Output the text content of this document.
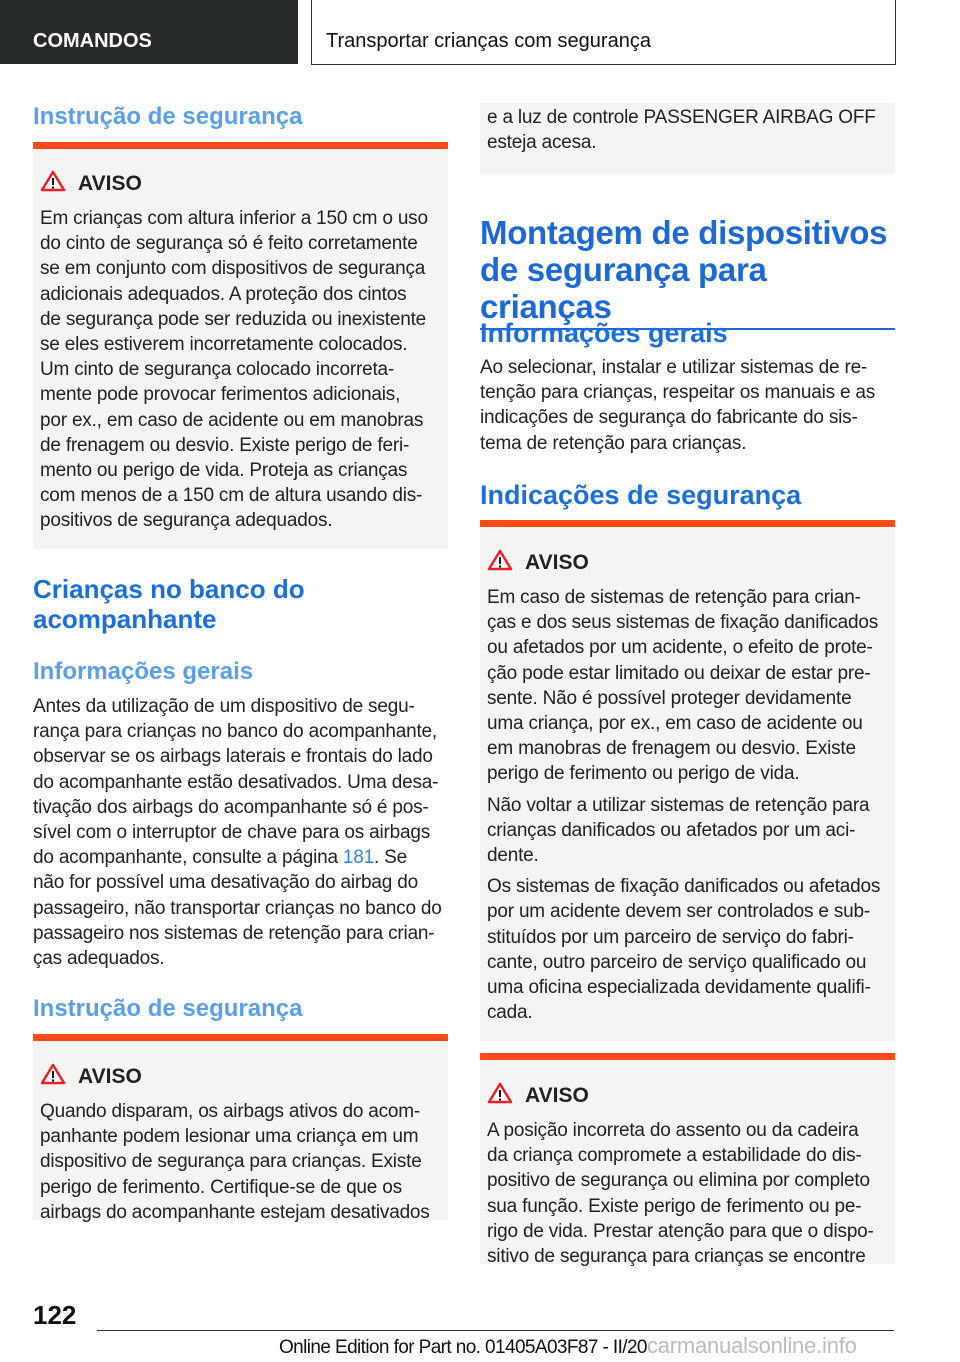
COMANDOS	Transportar crianças com segurança
Instrução de segurança
AVISO
Em crianças com altura inferior a 150 cm o uso
do cinto de segurança só é feito corretamente
se em conjunto com dispositivos de segurança
adicionais adequados. A proteção dos cintos
de segurança pode ser reduzida ou inexistente
se eles estiverem incorretamente colocados.
Um cinto de segurança colocado incorreta-
mente pode provocar ferimentos adicionais,
por ex., em caso de acidente ou em manobras
de frenagem ou desvio. Existe perigo de feri-
mento ou perigo de vida. Proteja as crianças
com menos de a 150 cm de altura usando dis-
positivos de segurança adequados.
Crianças no banco do
acompanhante
Informações gerais
Antes da utilização de um dispositivo de segu-
rança para crianças no banco do acompanhante,
observar se os airbags laterais e frontais do lado
do acompanhante estão desativados. Uma desa-
tivação dos airbags do acompanhante só é pos-
sível com o interruptor de chave para os airbags
do acompanhante, consulte a página 181. Se
não for possível uma desativação do airbag do
passageiro, não transportar crianças no banco do
passageiro nos sistemas de retenção para crian-
ças adequados.
Instrução de segurança
AVISO
Quando disparam, os airbags ativos do acom-
panhante podem lesionar uma criança em um
dispositivo de segurança para crianças. Existe
perigo de ferimento. Certifique-se de que os
airbags do acompanhante estejam desativados
e a luz de controle PASSENGER AIRBAG OFF
esteja acesa.
Montagem de dispositivos
de segurança para crianças
Informações gerais
Ao selecionar, instalar e utilizar sistemas de re-
tenção para crianças, respeitar os manuais e as
indicações de segurança do fabricante do sis-
tema de retenção para crianças.
Indicações de segurança
AVISO
Em caso de sistemas de retenção para crian-
ças e dos seus sistemas de fixação danificados
ou afetados por um acidente, o efeito de prote-
ção pode estar limitado ou deixar de estar pre-
sente. Não é possível proteger devidamente
uma criança, por ex., em caso de acidente ou
em manobras de frenagem ou desvio. Existe
perigo de ferimento ou perigo de vida.
Não voltar a utilizar sistemas de retenção para
crianças danificados ou afetados por um aci-
dente.
Os sistemas de fixação danificados ou afetados
por um acidente devem ser controlados e sub-
stituídos por um parceiro de serviço do fabri-
cante, outro parceiro de serviço qualificado ou
uma oficina especializada devidamente qualifi-
cada.
AVISO
A posição incorreta do assento ou da cadeira
da criança compromete a estabilidade do dis-
positivo de segurança ou elimina por completo
sua função. Existe perigo de ferimento ou pe-
rigo de vida. Prestar atenção para que o dispo-
sitivo de segurança para crianças se encontre
122
Online Edition for Part no. 01405A03F87 - II/20carmanualsonline.info
